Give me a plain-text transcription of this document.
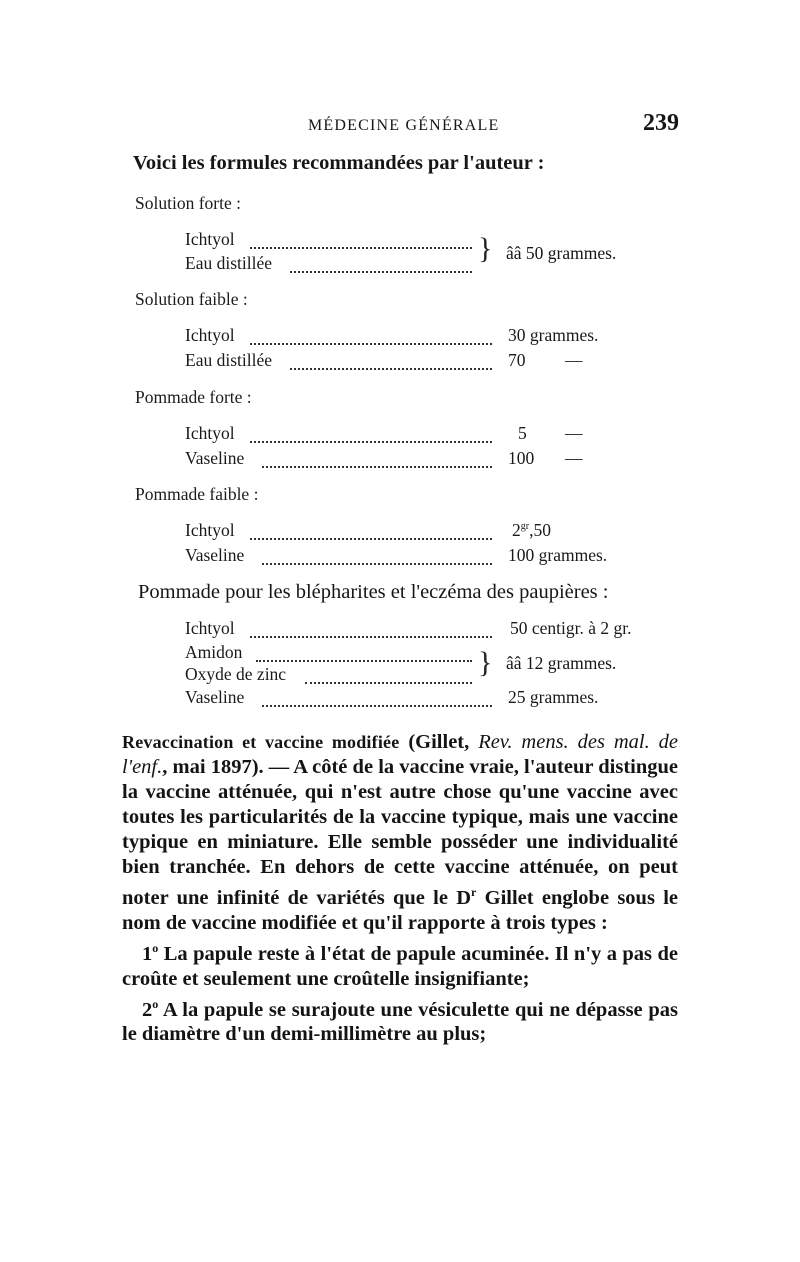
MÉDECINE GÉNÉRALE	239
Voici les formules recommandées par l'auteur :
Solution forte :
Ichtyol
Eau distillée	} ââ 50 grammes.
Solution faible :
Ichtyol	30 grammes.
Eau distillée	70 —
Pommade forte :
Ichtyol	5 —
Vaseline	100 —
Pommade faible :
Ichtyol	$2^{gr},50$
Vaseline	100 grammes.
Pommade pour les blépharites et l'eczéma des paupières :
Ichtyol	50 centigr. à 2 gr.
Amidon
Oxyde de zinc	} ââ 12 grammes.
Vaseline	25 grammes.

Revaccination et vaccine modifiée (Gillet, Rev. mens. des mal. de l'enf., mai 1897). — A côté de la vaccine vraie, l'auteur distingue la vaccine atténuée, qui n'est autre chose qu'une vaccine avec toutes les particularités de la vaccine typique, mais une vaccine typique en miniature. Elle semble posséder une individualité bien tranchée. En dehors de cette vaccine atténuée, on peut noter une infinité de variétés que le $D^r$ Gillet englobe sous le nom de vaccine modifiée et qu'il rapporte à trois types :

1$^o$ La papule reste à l'état de papule acuminée. Il n'y a pas de croûte et seulement une croûtelle insignifiante;

2$^o$ A la papule se surajoute une vésiculette qui ne dépasse pas le diamètre d'un demi-millimètre au plus;
